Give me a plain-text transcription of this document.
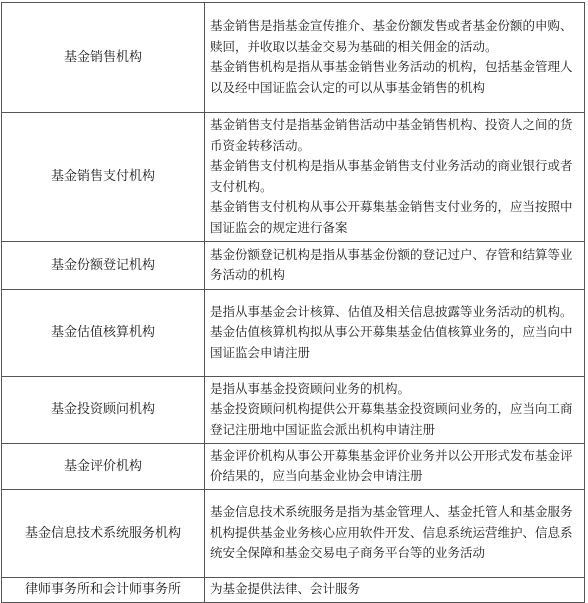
基金销售机构	基金销售是指基金宣传推介、基金份额发售或者基金份额的申购、赎回，并收取以基金交易为基础的相关佣金的活动。
基金销售机构是指从事基金销售业务活动的机构，包括基金管理人以及经中国证监会认定的可以从事基金销售的机构

基金销售支付机构	基金销售支付是指基金销售活动中基金销售机构、投资人之间的货币资金转移活动。
基金销售支付机构是指从事基金销售支付业务活动的商业银行或者支付机构。
基金销售支付机构从事公开募集基金销售支付业务的，应当按照中国证监会的规定进行备案

基金份额登记机构	基金份额登记机构是指从事基金份额的登记过户、存管和结算等业务活动的机构

基金估值核算机构	是指从事基金会计核算、估值及相关信息披露等业务活动的机构。
基金估值核算机构拟从事公开募集基金估值核算业务的，应当向中国证监会申请注册

基金投资顾问机构	是指从事基金投资顾问业务的机构。
基金投资顾问机构提供公开募集基金投资顾问业务的，应当向工商登记注册地中国证监会派出机构申请注册

基金评价机构	基金评价机构从事公开募集基金评价业务并以公开形式发布基金评价结果的，应当向基金业协会申请注册

基金信息技术系统服务机构	基金信息技术系统服务是指为基金管理人、基金托管人和基金服务机构提供基金业务核心应用软件开发、信息系统运营维护、信息系统安全保障和基金交易电子商务平台等的业务活动

律师事务所和会计师事务所	为基金提供法律、会计服务
